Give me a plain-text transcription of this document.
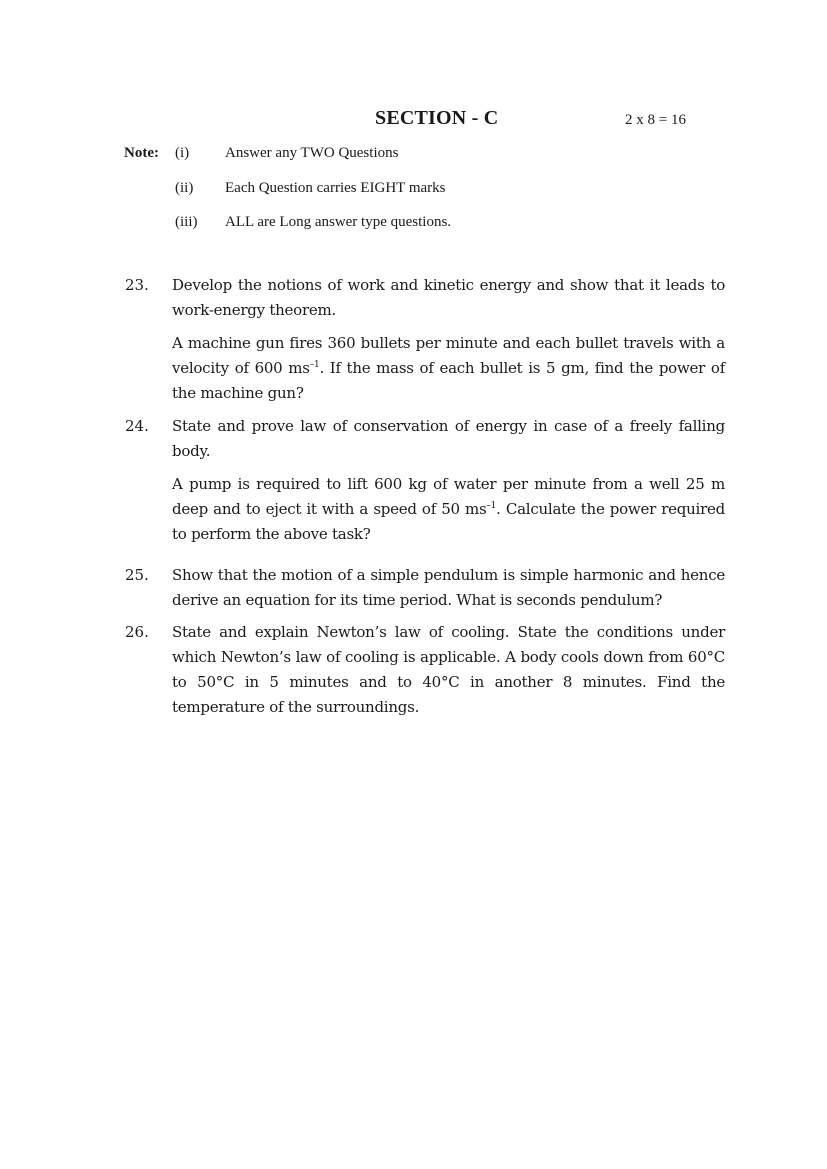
SECTION - C	2 x 8 = 16
Note: (i) Answer any TWO Questions
(ii) Each Question carries EIGHT marks
(iii) ALL are Long answer type questions.
23. Develop the notions of work and kinetic energy and show that it leads to work-energy theorem.
A machine gun fires 360 bullets per minute and each bullet travels with a velocity of 600 $ms^{-1}$. If the mass of each bullet is 5 gm, find the power of the machine gun?
24. State and prove law of conservation of energy in case of a freely falling body.
A pump is required to lift 600 kg of water per minute from a well 25 m deep and to eject it with a speed of 50 $ms^{-1}$. Calculate the power required to perform the above task?
25. Show that the motion of a simple pendulum is simple harmonic and hence derive an equation for its time period. What is seconds pendulum?
26. State and explain Newton’s law of cooling. State the conditions under which Newton’s law of cooling is applicable. A body cools down from 60°C to 50°C in 5 minutes and to 40°C in another 8 minutes. Find the temperature of the surroundings.
